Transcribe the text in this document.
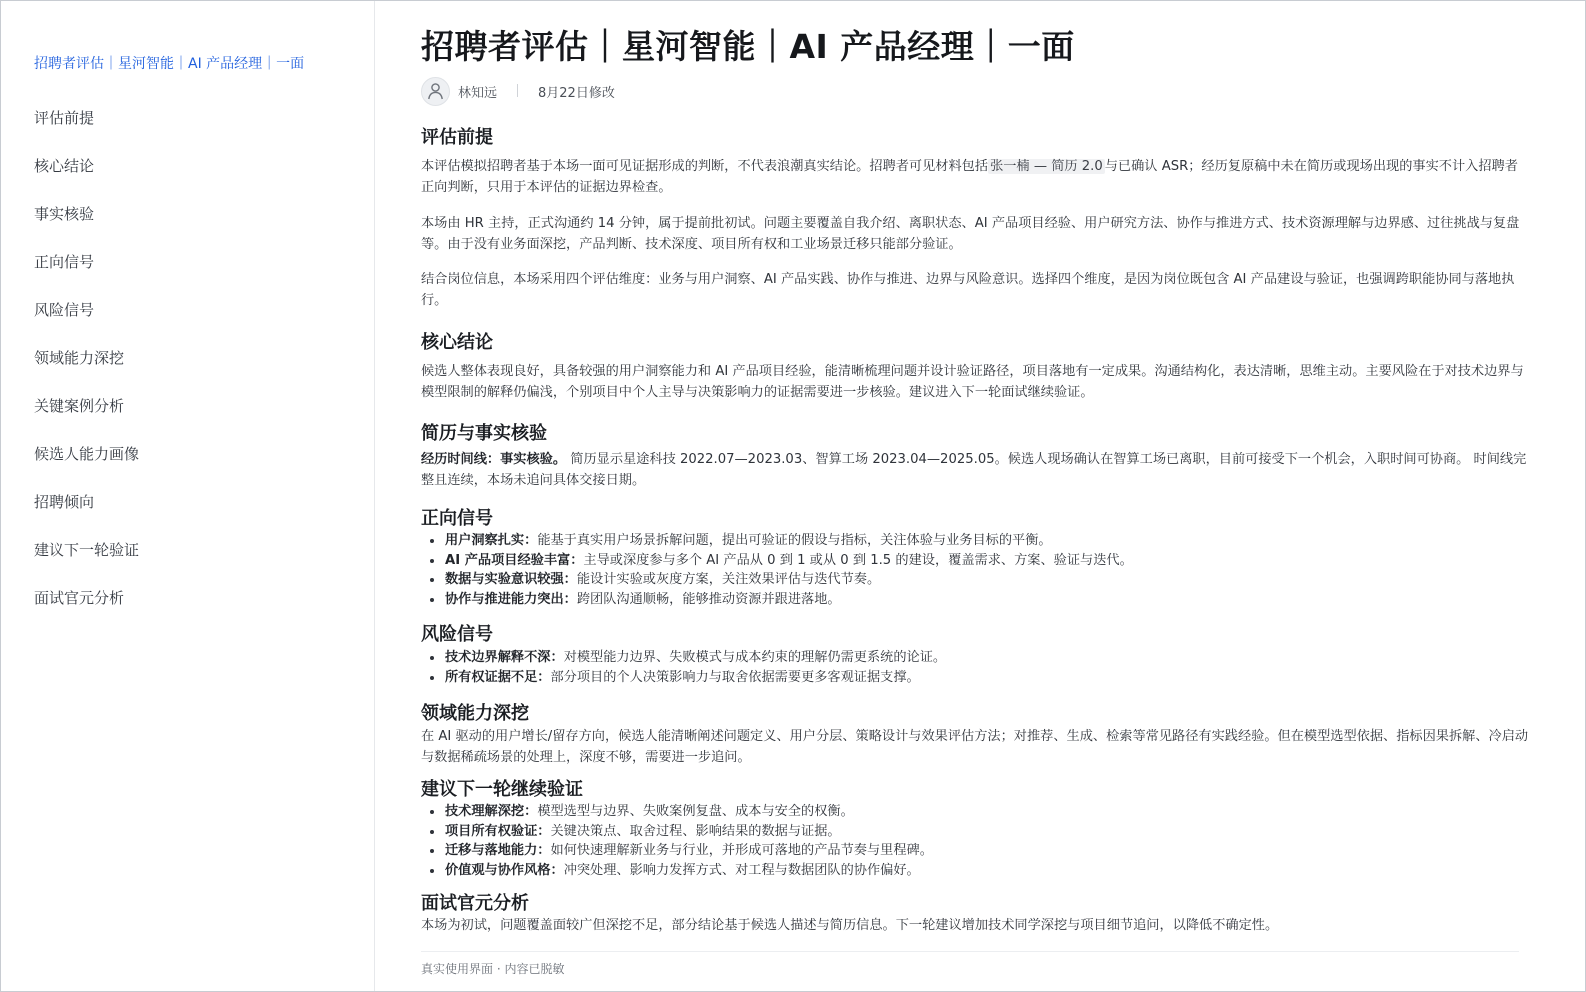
招聘者评估｜星河智能｜AI 产品经理｜一面
评估前提
核心结论
事实核验
正向信号
风险信号
领域能力深挖
关键案例分析
候选人能力画像
招聘倾向
建议下一轮验证
面试官元分析
招聘者评估｜星河智能｜AI 产品经理｜一面
林知远	8月22日修改
评估前提

本评估模拟招聘者基于本场一面可见证据形成的判断，不代表浪潮真实结论。招聘者可见材料包括 张一楠 — 简历 2.0 与已确认 ASR；经历复原稿中未在简历或现场出现的事实不计入招聘者正向判断，只用于本评估的证据边界检查。

本场由 HR 主持，正式沟通约 14 分钟，属于提前批初试。问题主要覆盖自我介绍、离职状态、AI 产品项目经验、用户研究方法、协作与推进方式、技术资源理解与边界感、过往挑战与复盘等。由于没有业务面深挖，产品判断、技术深度、项目所有权和工业场景迁移只能部分验证。

结合岗位信息，本场采用四个评估维度：业务与用户洞察、AI 产品实践、协作与推进、边界与风险意识。选择四个维度，是因为岗位既包含 AI 产品建设与验证，也强调跨职能协同与落地执行。

核心结论

候选人整体表现良好，具备较强的用户洞察能力和 AI 产品项目经验，能清晰梳理问题并设计验证路径，项目落地有一定成果。沟通结构化，表达清晰，思维主动。主要风险在于对技术边界与模型限制的解释仍偏浅，个别项目中个人主导与决策影响力的证据需要进一步核验。建议进入下一轮面试继续验证。

简历与事实核验

经历时间线：事实核验。 简历显示星途科技 2022.07—2023.03、智算工场 2023.04—2025.05。候选人现场确认在智算工场已离职，目前可接受下一个机会，入职时间可协商。 时间线完整且连续，本场未追问具体交接日期。

正向信号
用户洞察扎实：能基于真实用户场景拆解问题，提出可验证的假设与指标，关注体验与业务目标的平衡。
AI 产品项目经验丰富：主导或深度参与多个 AI 产品从 0 到 1 或从 0 到 1.5 的建设，覆盖需求、方案、验证与迭代。
数据与实验意识较强：能设计实验或灰度方案，关注效果评估与迭代节奏。
协作与推进能力突出：跨团队沟通顺畅，能够推动资源并跟进落地。
风险信号
技术边界解释不深：对模型能力边界、失败模式与成本约束的理解仍需更系统的论证。
所有权证据不足：部分项目的个人决策影响力与取舍依据需要更多客观证据支撑。
领域能力深挖

在 AI 驱动的用户增长/留存方向，候选人能清晰阐述问题定义、用户分层、策略设计与效果评估方法；对推荐、生成、检索等常见路径有实践经验。但在模型选型依据、指标因果拆解、冷启动与数据稀疏场景的处理上，深度不够，需要进一步追问。

建议下一轮继续验证
技术理解深挖：模型选型与边界、失败案例复盘、成本与安全的权衡。
项目所有权验证：关键决策点、取舍过程、影响结果的数据与证据。
迁移与落地能力：如何快速理解新业务与行业，并形成可落地的产品节奏与里程碑。
价值观与协作风格：冲突处理、影响力发挥方式、对工程与数据团队的协作偏好。
面试官元分析

本场为初试，问题覆盖面较广但深挖不足，部分结论基于候选人描述与简历信息。下一轮建议增加技术同学深挖与项目细节追问，以降低不确定性。

真实使用界面 · 内容已脱敏
